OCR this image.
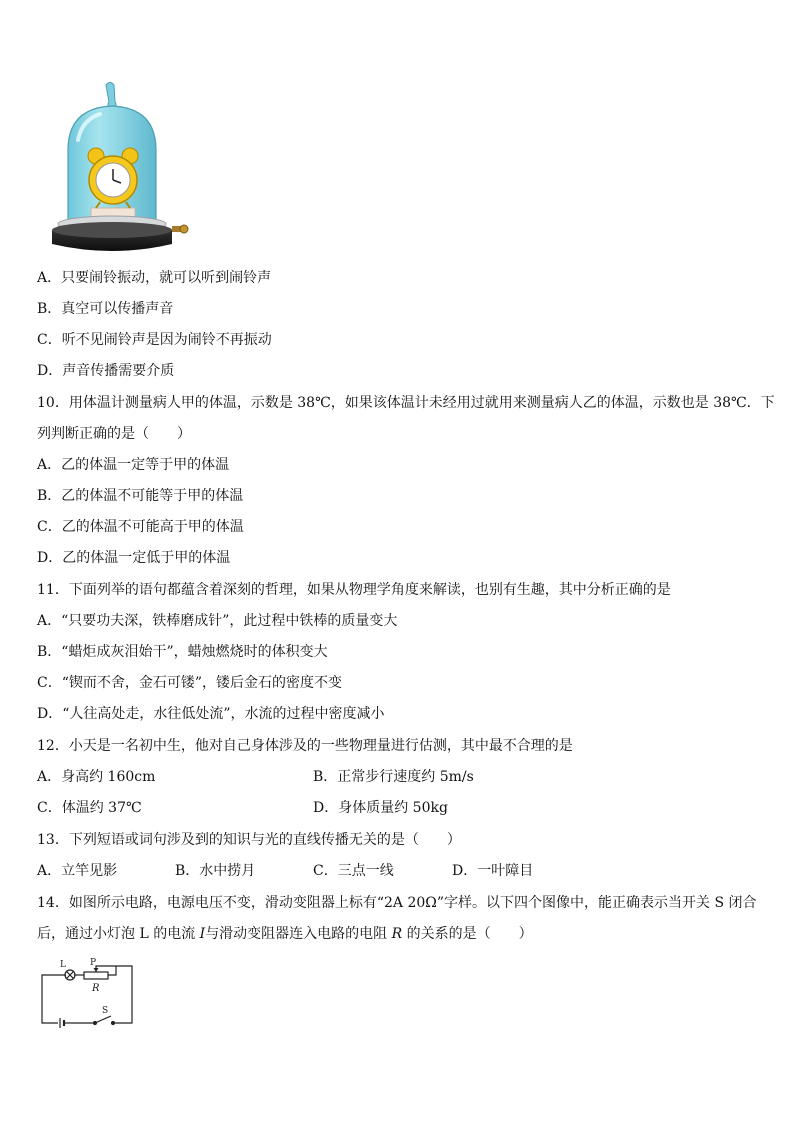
A．只要闹铃振动，就可以听到闹铃声
B．真空可以传播声音
C．听不见闹铃声是因为闹铃不再振动
D．声音传播需要介质
10．用体温计测量病人甲的体温，示数是 38℃，如果该体温计未经用过就用来测量病人乙的体温，示数也是 38℃．下
列判断正确的是（　　）
A．乙的体温一定等于甲的体温
B．乙的体温不可能等于甲的体温
C．乙的体温不可能高于甲的体温
D．乙的体温一定低于甲的体温
11．下面列举的语句都蕴含着深刻的哲理，如果从物理学角度来解读，也别有生趣，其中分析正确的是
A．“只要功夫深，铁棒磨成针”，此过程中铁棒的质量变大
B．“蜡炬成灰泪始干”，蜡烛燃烧时的体积变大
C．“锲而不舍，金石可镂”，镂后金石的密度不变
D．“人往高处走，水往低处流”，水流的过程中密度减小
12．小天是一名初中生，他对自己身体涉及的一些物理量进行估测，其中最不合理的是
A．身高约 160cm	B．正常步行速度约 5m/s
C．体温约 37℃	D．身体质量约 50kg
13．下列短语或词句涉及到的知识与光的直线传播无关的是（　　）
A．立竿见影	B．水中捞月	C．三点一线	D．一叶障目
14．如图所示电路，电源电压不变，滑动变阻器上标有“2A 20Ω”字样。以下四个图像中，能正确表示当开关 S 闭合
后，通过小灯泡 L 的电流 I与滑动变阻器连入电路的电阻 R 的关系的是（　　）
L	P
R
S
